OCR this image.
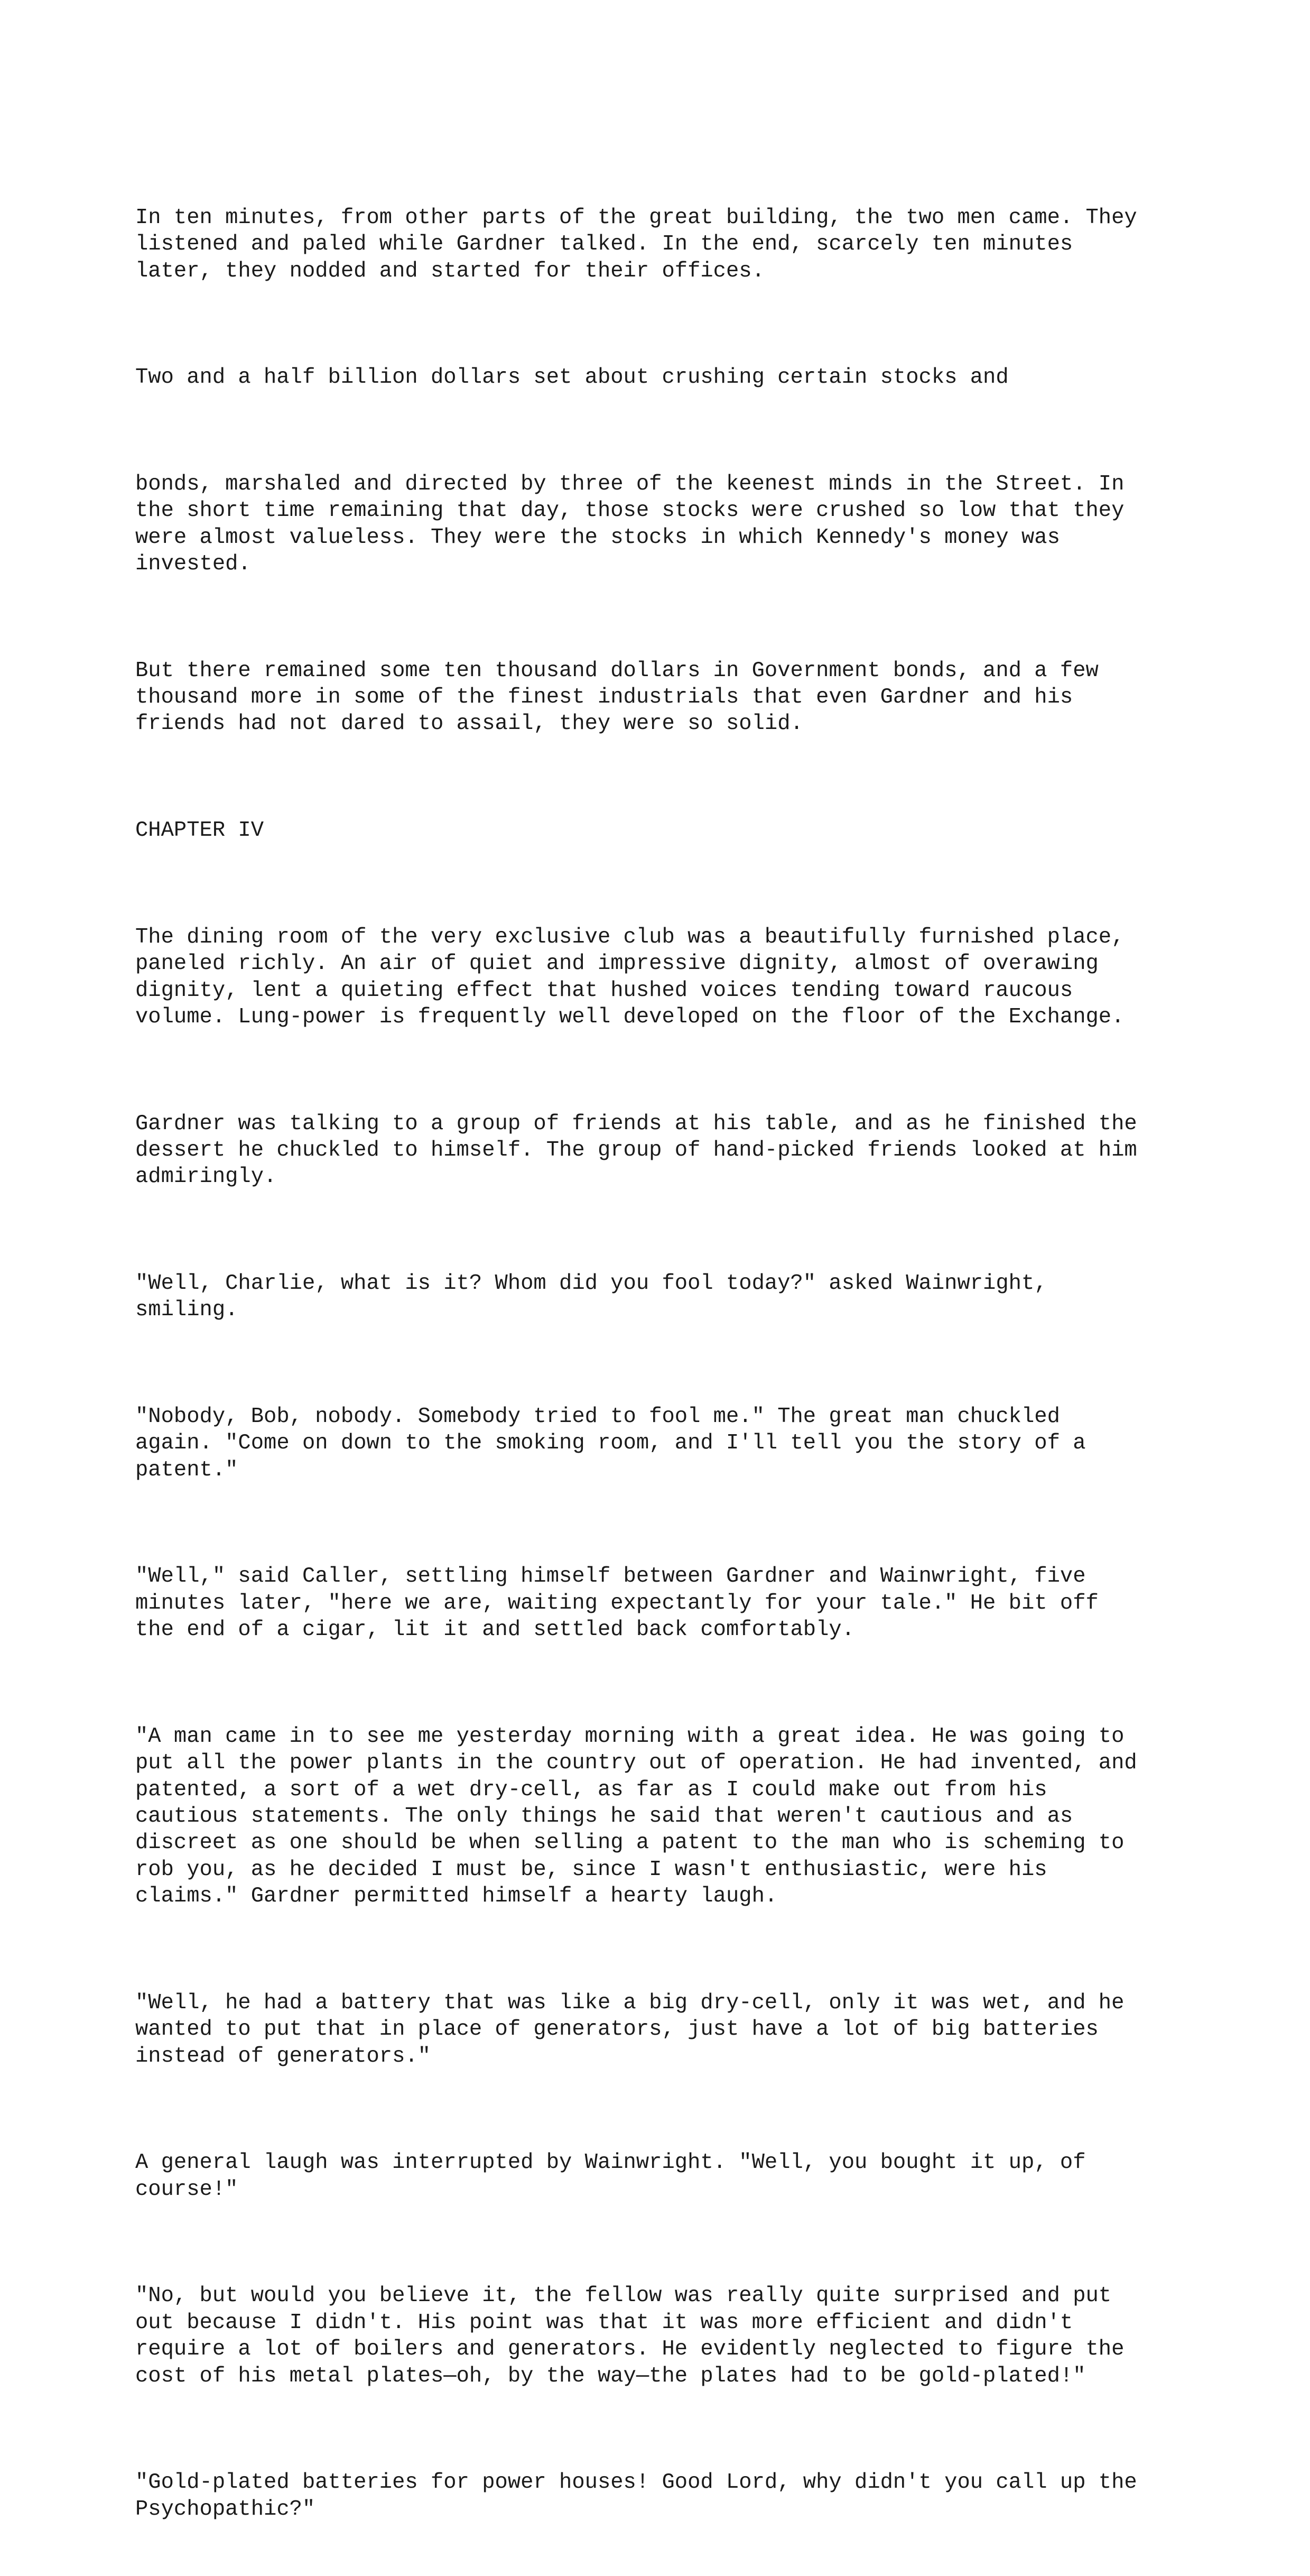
In ten minutes, from other parts of the great building, the two men came. They
listened and paled while Gardner talked. In the end, scarcely ten minutes
later, they nodded and started for their offices.

Two and a half billion dollars set about crushing certain stocks and

bonds, marshaled and directed by three of the keenest minds in the Street. In
the short time remaining that day, those stocks were crushed so low that they
were almost valueless. They were the stocks in which Kennedy's money was
invested.

But there remained some ten thousand dollars in Government bonds, and a few
thousand more in some of the finest industrials that even Gardner and his
friends had not dared to assail, they were so solid.

CHAPTER IV

The dining room of the very exclusive club was a beautifully furnished place,
paneled richly. An air of quiet and impressive dignity, almost of overawing
dignity, lent a quieting effect that hushed voices tending toward raucous
volume. Lung-power is frequently well developed on the floor of the Exchange.

Gardner was talking to a group of friends at his table, and as he finished the
dessert he chuckled to himself. The group of hand-picked friends looked at him
admiringly.

"Well, Charlie, what is it? Whom did you fool today?" asked Wainwright,
smiling.

"Nobody, Bob, nobody. Somebody tried to fool me." The great man chuckled
again. "Come on down to the smoking room, and I'll tell you the story of a
patent."

"Well," said Caller, settling himself between Gardner and Wainwright, five
minutes later, "here we are, waiting expectantly for your tale." He bit off
the end of a cigar, lit it and settled back comfortably.

"A man came in to see me yesterday morning with a great idea. He was going to
put all the power plants in the country out of operation. He had invented, and
patented, a sort of a wet dry-cell, as far as I could make out from his
cautious statements. The only things he said that weren't cautious and as
discreet as one should be when selling a patent to the man who is scheming to
rob you, as he decided I must be, since I wasn't enthusiastic, were his
claims." Gardner permitted himself a hearty laugh.

"Well, he had a battery that was like a big dry-cell, only it was wet, and he
wanted to put that in place of generators, just have a lot of big batteries
instead of generators."

A general laugh was interrupted by Wainwright. "Well, you bought it up, of
course!"

"No, but would you believe it, the fellow was really quite surprised and put
out because I didn't. His point was that it was more efficient and didn't
require a lot of boilers and generators. He evidently neglected to figure the
cost of his metal plates—oh, by the way—the plates had to be gold-plated!"

"Gold-plated batteries for power houses! Good Lord, why didn't you call up the
Psychopathic?"
